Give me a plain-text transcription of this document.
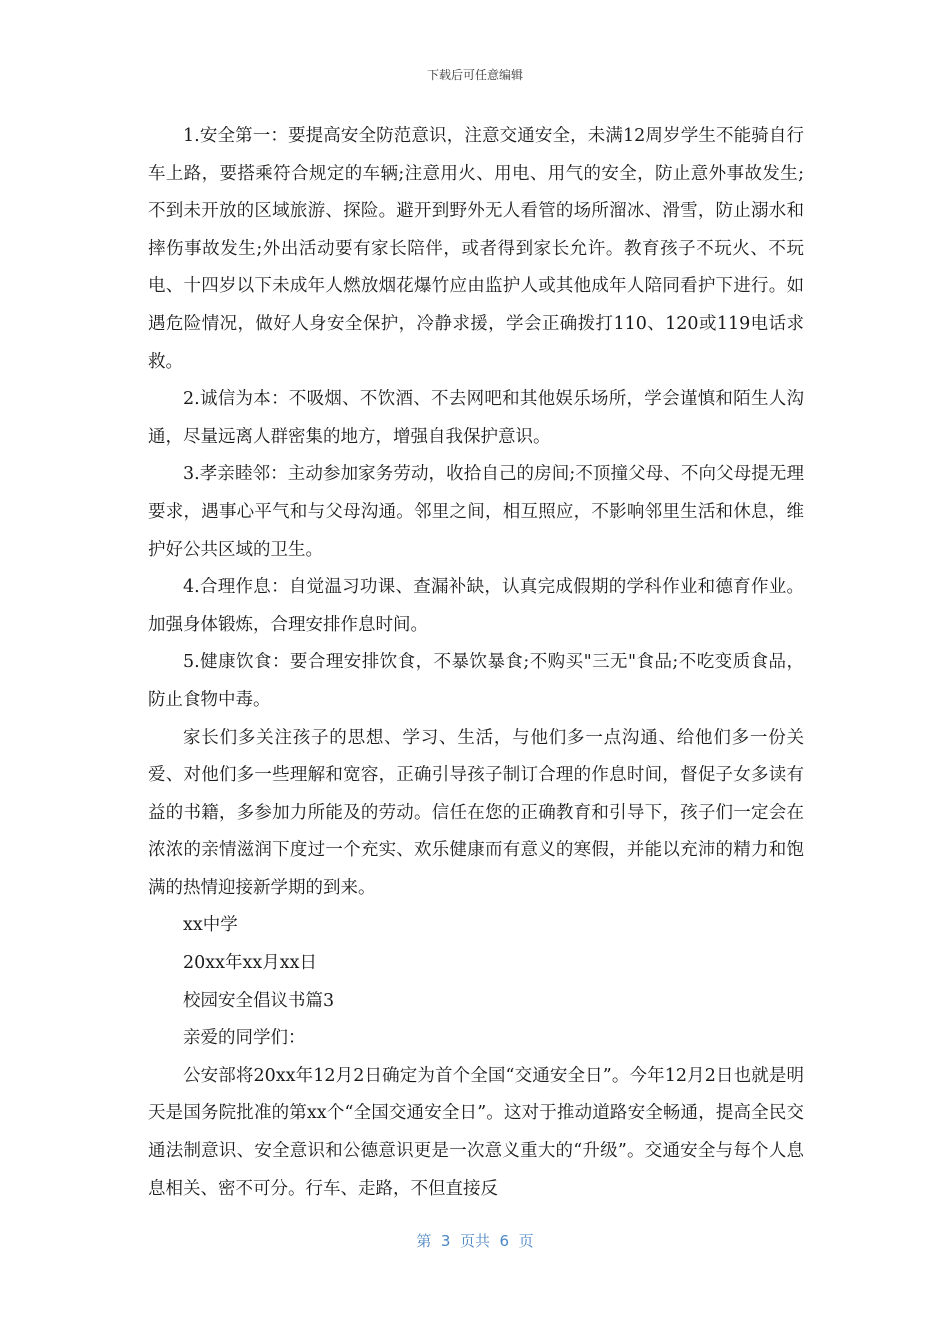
下载后可任意编辑

1.安全第一：要提高安全防范意识，注意交通安全，未满12周岁学生不能骑自行车上路，要搭乘符合规定的车辆;注意用火、用电、用气的安全，防止意外事故发生;不到未开放的区域旅游、探险。避开到野外无人看管的场所溜冰、滑雪，防止溺水和摔伤事故发生;外出活动要有家长陪伴，或者得到家长允许。教育孩子不玩火、不玩电、十四岁以下未成年人燃放烟花爆竹应由监护人或其他成年人陪同看护下进行。如遇危险情况，做好人身安全保护，冷静求援，学会正确拨打110、120或119电话求救。

2.诚信为本：不吸烟、不饮酒、不去网吧和其他娱乐场所，学会谨慎和陌生人沟通，尽量远离人群密集的地方，增强自我保护意识。

3.孝亲睦邻：主动参加家务劳动，收拾自己的房间;不顶撞父母、不向父母提无理要求，遇事心平气和与父母沟通。邻里之间，相互照应，不影响邻里生活和休息，维护好公共区域的卫生。

4.合理作息：自觉温习功课、查漏补缺，认真完成假期的学科作业和德育作业。加强身体锻炼，合理安排作息时间。

5.健康饮食：要合理安排饮食，不暴饮暴食;不购买"三无"食品;不吃变质食品，防止食物中毒。

家长们多关注孩子的思想、学习、生活，与他们多一点沟通、给他们多一份关爱、对他们多一些理解和宽容，正确引导孩子制订合理的作息时间，督促子女多读有益的书籍，多参加力所能及的劳动。信任在您的正确教育和引导下，孩子们一定会在浓浓的亲情滋润下度过一个充实、欢乐健康而有意义的寒假，并能以充沛的精力和饱满的热情迎接新学期的到来。

xx中学

20xx年xx月xx日

校园安全倡议书篇3

亲爱的同学们：

公安部将20xx年12月2日确定为首个全国“交通安全日”。今年12月2日也就是明天是国务院批准的第xx个“全国交通安全日”。这对于推动道路安全畅通，提高全民交通法制意识、安全意识和公德意识更是一次意义重大的“升级”。交通安全与每个人息息相关、密不可分。行车、走路，不但直接反

第  3  页共  6  页
